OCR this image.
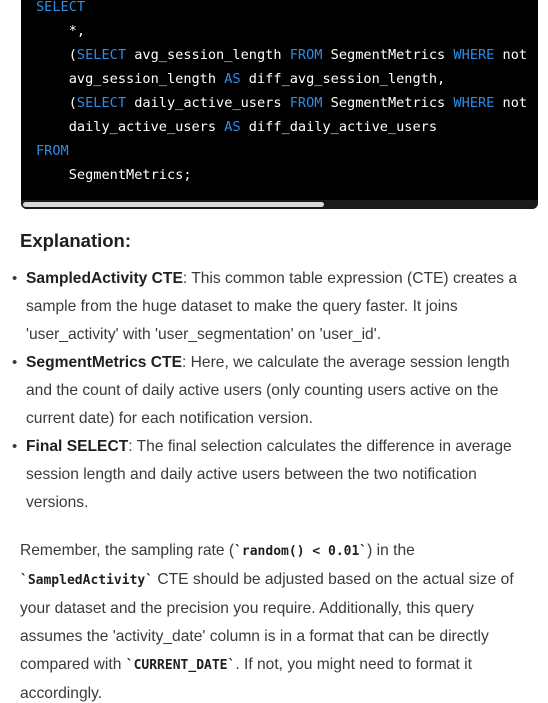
SELECT
*,
(SELECT avg_session_length FROM SegmentMetrics WHERE not
avg_session_length AS diff_avg_session_length,
(SELECT daily_active_users FROM SegmentMetrics WHERE not
daily_active_users AS diff_daily_active_users
FROM
SegmentMetrics;
Explanation:
• SampledActivity CTE: This common table expression (CTE) creates a sample from the huge dataset to make the query faster. It joins 'user_activity' with 'user_segmentation' on 'user_id'.
• SegmentMetrics CTE: Here, we calculate the average session length and the count of daily active users (only counting users active on the current date) for each notification version.
• Final SELECT: The final selection calculates the difference in average session length and daily active users between the two notification versions.
Remember, the sampling rate (`random() < 0.01`) in the
`SampledActivity` CTE should be adjusted based on the actual size of your dataset and the precision you require. Additionally, this query assumes the 'activity_date' column is in a format that can be directly compared with `CURRENT_DATE`. If not, you might need to format it accordingly.
